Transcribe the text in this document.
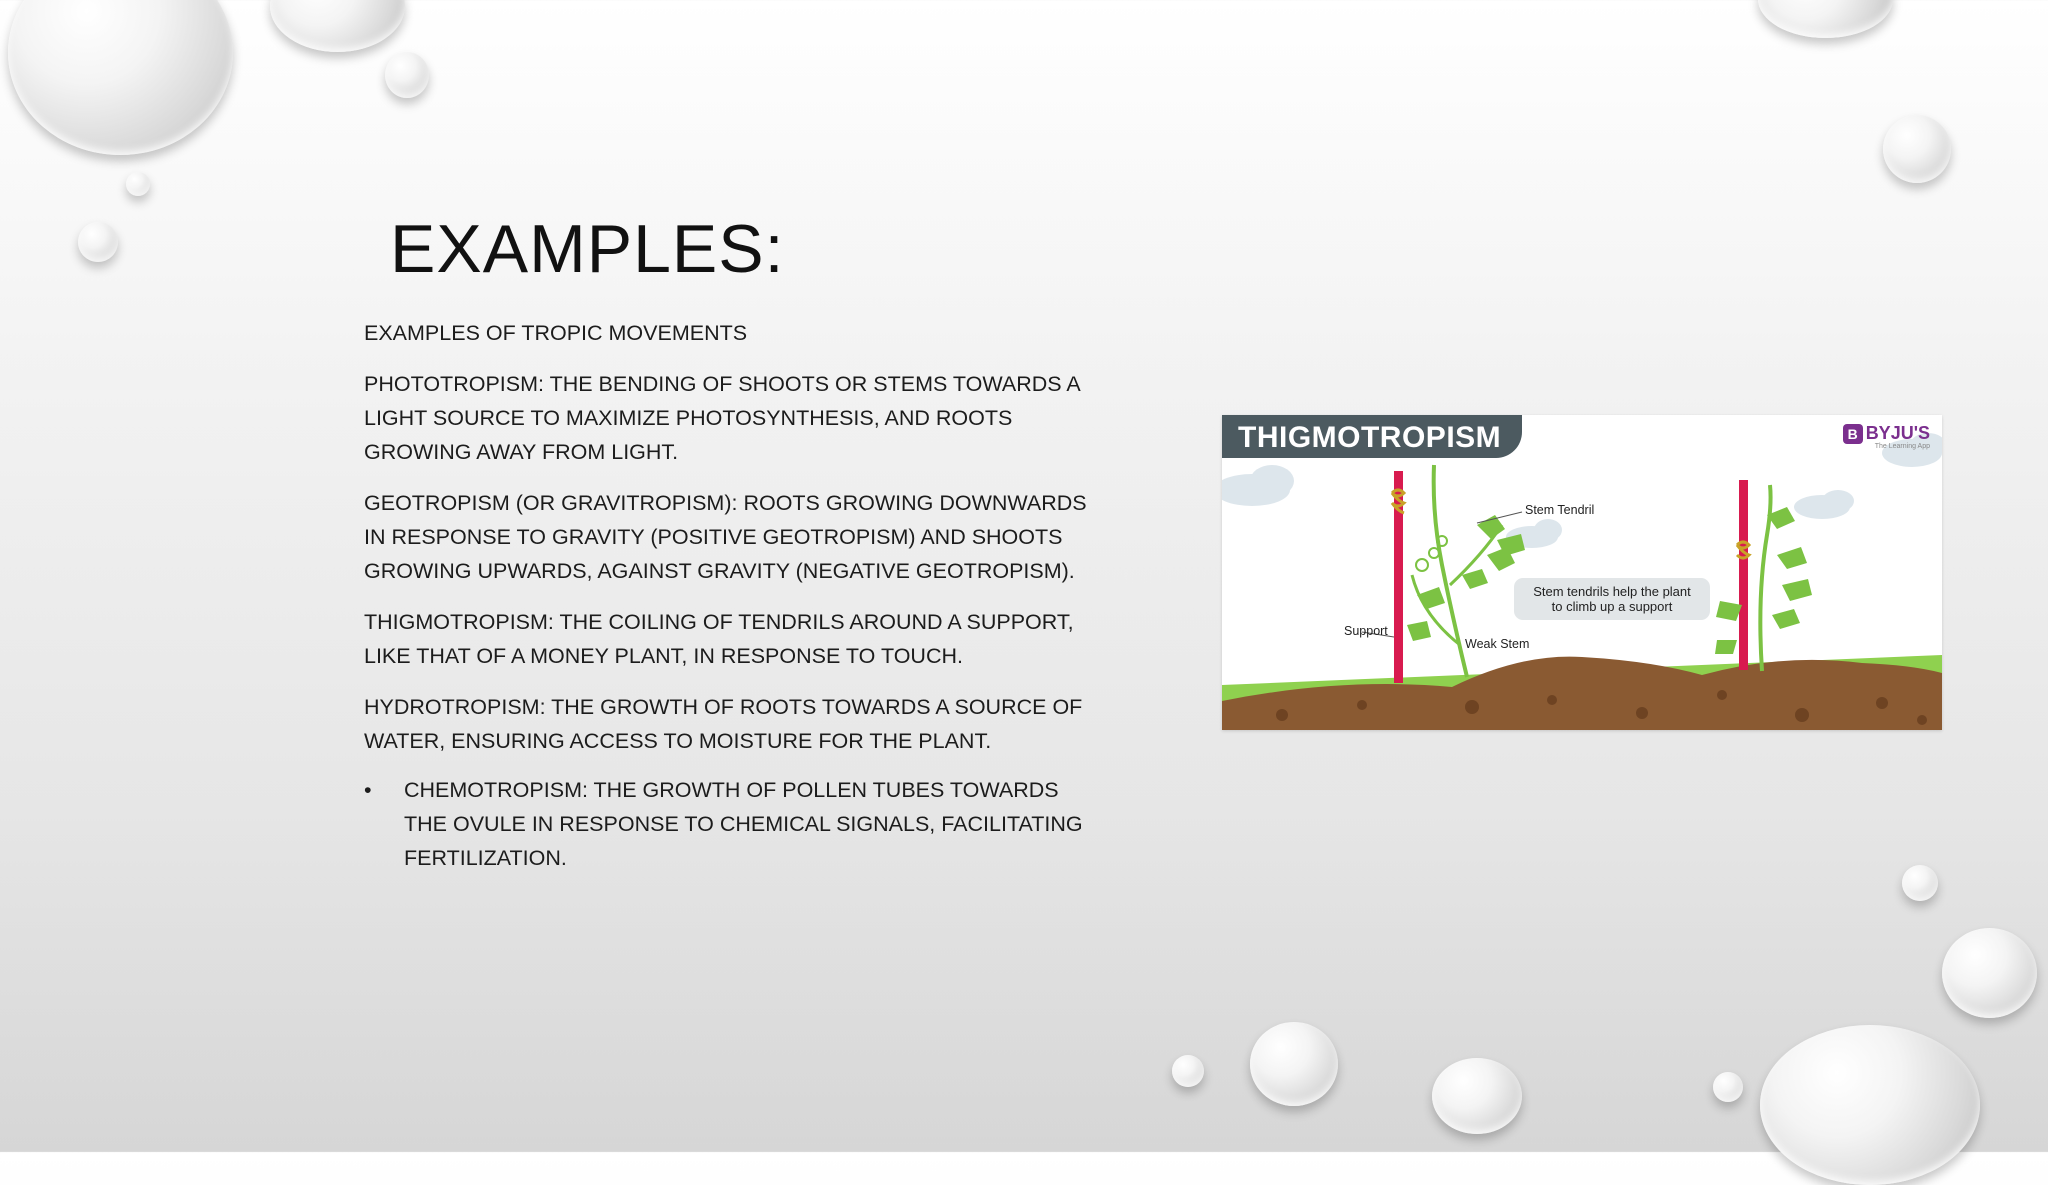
EXAMPLES:

EXAMPLES OF TROPIC MOVEMENTS

PHOTOTROPISM: THE BENDING OF SHOOTS OR STEMS TOWARDS A LIGHT SOURCE TO MAXIMIZE PHOTOSYNTHESIS, AND ROOTS GROWING AWAY FROM LIGHT.

GEOTROPISM (OR GRAVITROPISM): ROOTS GROWING DOWNWARDS IN RESPONSE TO GRAVITY (POSITIVE GEOTROPISM) AND SHOOTS GROWING UPWARDS, AGAINST GRAVITY (NEGATIVE GEOTROPISM).

THIGMOTROPISM: THE COILING OF TENDRILS AROUND A SUPPORT, LIKE THAT OF A MONEY PLANT, IN RESPONSE TO TOUCH.

HYDROTROPISM: THE GROWTH OF ROOTS TOWARDS A SOURCE OF WATER, ENSURING ACCESS TO MOISTURE FOR THE PLANT.

•	CHEMOTROPISM: THE GROWTH OF POLLEN TUBES TOWARDS THE OVULE IN RESPONSE TO CHEMICAL SIGNALS, FACILITATING FERTILIZATION.
THIGMOTROPISM	B BYJU'S
The Learning App
Stem Tendril
Support
Weak Stem
Stem tendrils help the plant
to climb up a support
